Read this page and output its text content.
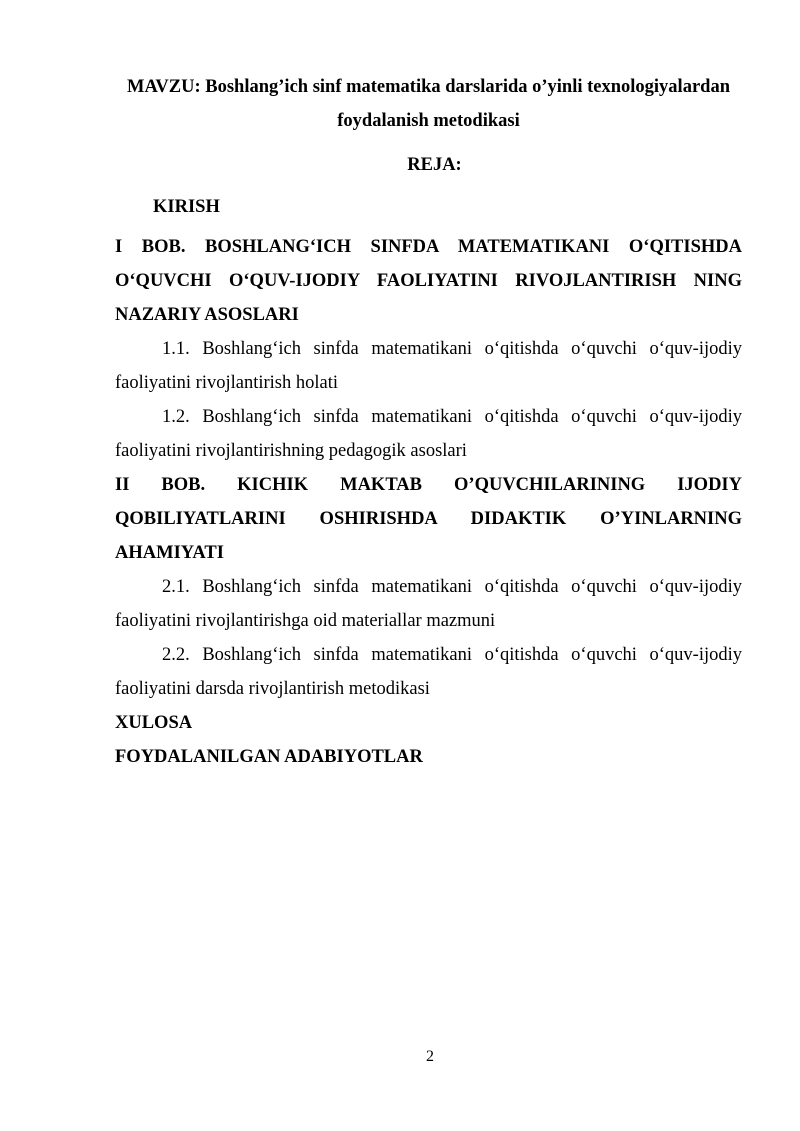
MAVZU: Boshlang’ich sinf matematika darslarida o’yinli texnologiyalardan foydalanish metodikasi

REJA:

KIRISH

I BOB. BOSHLANG‘ICH SINFDA MATEMATIKANI O‘QITISHDA O‘QUVCHI O‘QUV-IJODIY FAOLIYATINI RIVOJLANTIRISH NING NAZARIY ASOSLARI

1.1. Boshlang‘ich sinfda matematikani o‘qitishda o‘quvchi o‘quv-ijodiy faoliyatini rivojlantirish holati

1.2. Boshlang‘ich sinfda matematikani o‘qitishda o‘quvchi o‘quv-ijodiy faoliyatini rivojlantirishning pedagogik asoslari

II BOB. KICHIK MAKTAB O’QUVCHILARINING IJODIY QOBILIYATLARINI OSHIRISHDA DIDAKTIK O’YINLARNING AHAMIYATI

2.1. Boshlang‘ich sinfda matematikani o‘qitishda o‘quvchi o‘quv-ijodiy faoliyatini rivojlantirishga oid materiallar mazmuni

2.2. Boshlang‘ich sinfda matematikani o‘qitishda o‘quvchi o‘quv-ijodiy faoliyatini darsda rivojlantirish metodikasi

XULOSA

FOYDALANILGAN ADABIYOTLAR

2
